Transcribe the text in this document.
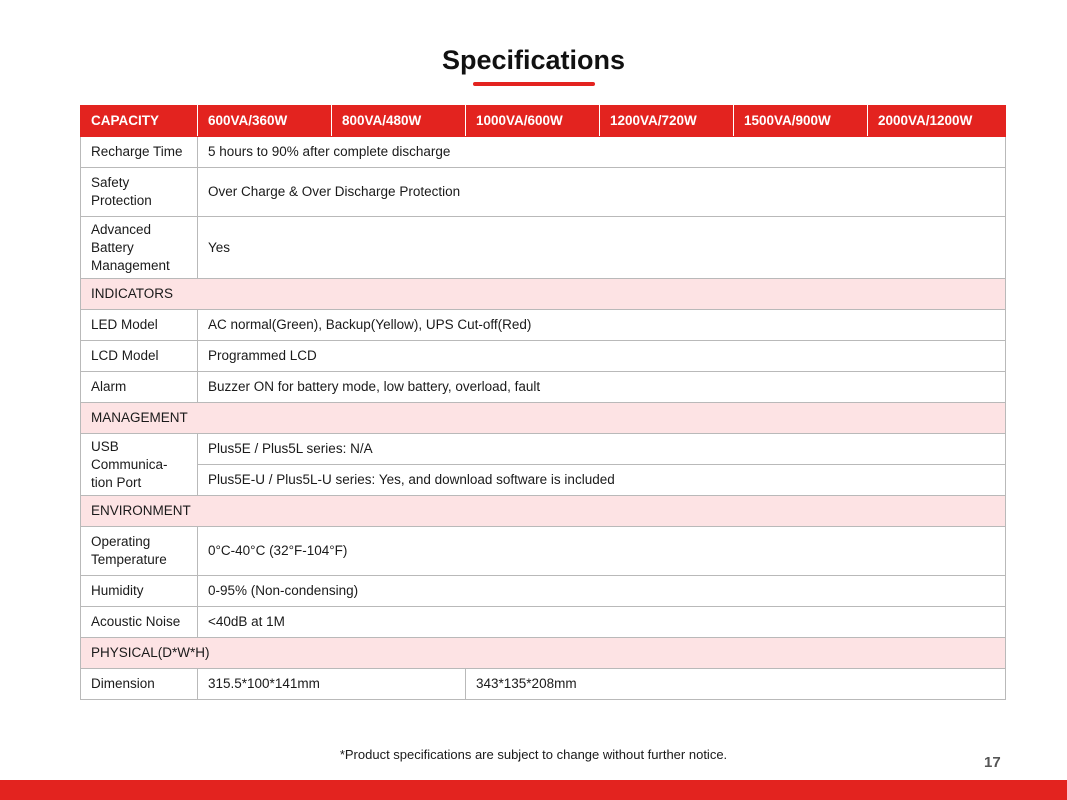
Specifications
CAPACITY	600VA/360W	800VA/480W	1000VA/600W	1200VA/720W	1500VA/900W	2000VA/1200W
Recharge Time	5 hours to 90% after complete discharge					
Safety Protection	Over Charge & Over Discharge Protection					
Advanced Battery Management	Yes					
INDICATORS						
LED Model	AC normal(Green), Backup(Yellow), UPS Cut-off(Red)					
LCD Model	Programmed LCD					
Alarm	Buzzer ON for battery mode, low battery, overload, fault					
MANAGEMENT						
USB Communica- tion Port	Plus5E / Plus5L series: N/A					
	Plus5E-U / Plus5L-U series: Yes, and download software is included					
ENVIRONMENT						
Operating Temperature	0°C-40°C (32°F-104°F)					
Humidity	0-95% (Non-condensing)					
Acoustic Noise	<40dB at 1M					
PHYSICAL(D*W*H)						
Dimension	315.5*100*141mm		343*135*208mm			
*Product specifications are subject to change without further notice.	17
